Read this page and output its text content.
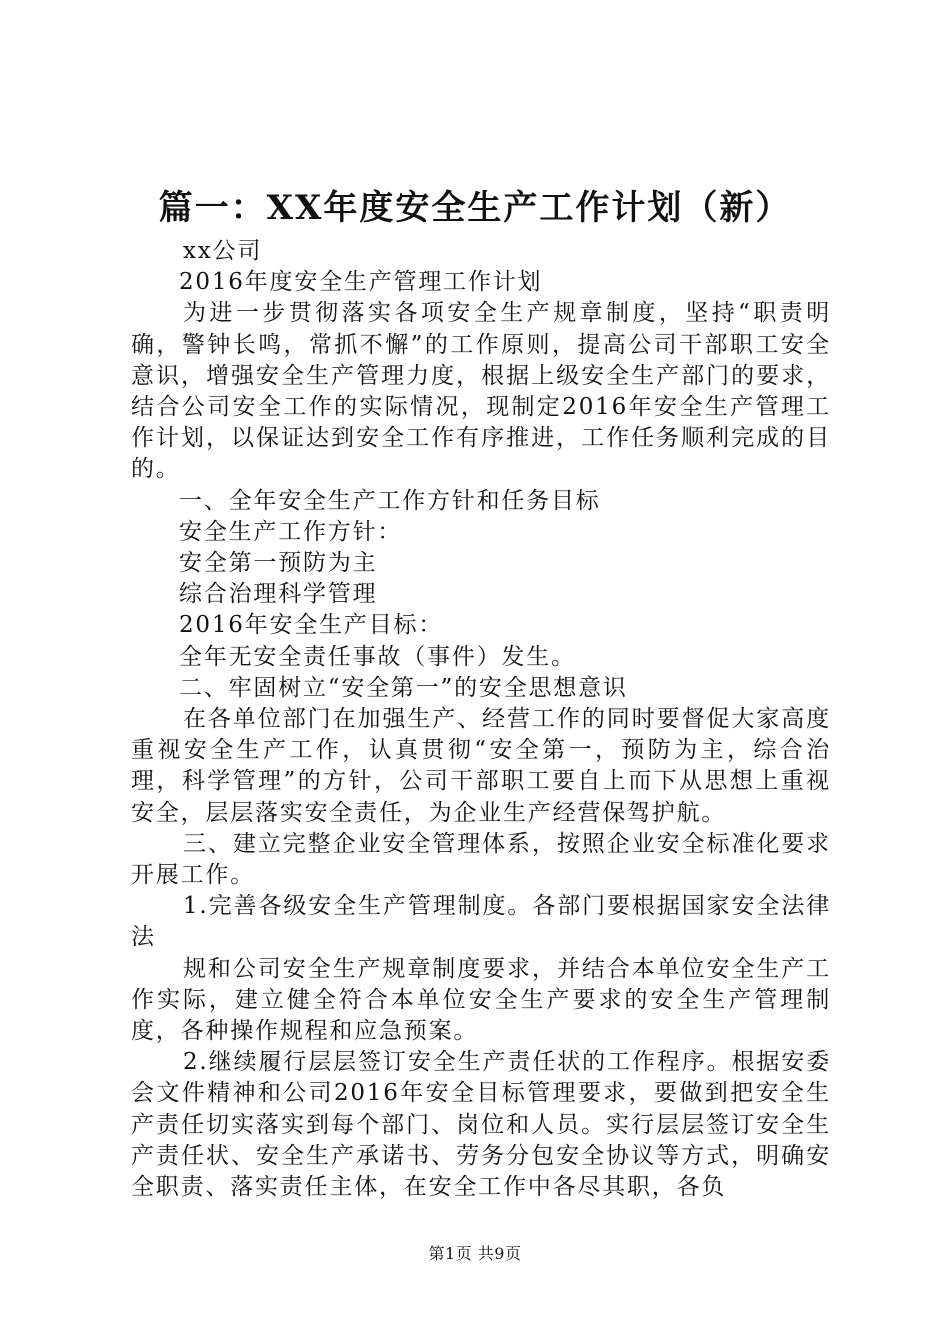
篇一：XX年度安全生产工作计划（新）

xx公司

2016年度安全生产管理工作计划

为进一步贯彻落实各项安全生产规章制度，坚持“职责明确，警钟长鸣，常抓不懈”的工作原则，提高公司干部职工安全意识，增强安全生产管理力度，根据上级安全生产部门的要求，结合公司安全工作的实际情况，现制定2016年安全生产管理工作计划，以保证达到安全工作有序推进，工作任务顺利完成的目的。

一、全年安全生产工作方针和任务目标

安全生产工作方针：

安全第一预防为主

综合治理科学管理

2016年安全生产目标：

全年无安全责任事故（事件）发生。

二、牢固树立“安全第一”的安全思想意识

在各单位部门在加强生产、经营工作的同时要督促大家高度重视安全生产工作，认真贯彻“安全第一，预防为主，综合治理，科学管理”的方针，公司干部职工要自上而下从思想上重视安全，层层落实安全责任，为企业生产经营保驾护航。

三、建立完整企业安全管理体系，按照企业安全标准化要求开展工作。

1.完善各级安全生产管理制度。各部门要根据国家安全法律法

规和公司安全生产规章制度要求，并结合本单位安全生产工作实际，建立健全符合本单位安全生产要求的安全生产管理制度，各种操作规程和应急预案。

2.继续履行层层签订安全生产责任状的工作程序。根据安委会文件精神和公司2016年安全目标管理要求，要做到把安全生产责任切实落实到每个部门、岗位和人员。实行层层签订安全生产责任状、安全生产承诺书、劳务分包安全协议等方式，明确安全职责、落实责任主体，在安全工作中各尽其职，各负

第1页 共9页
